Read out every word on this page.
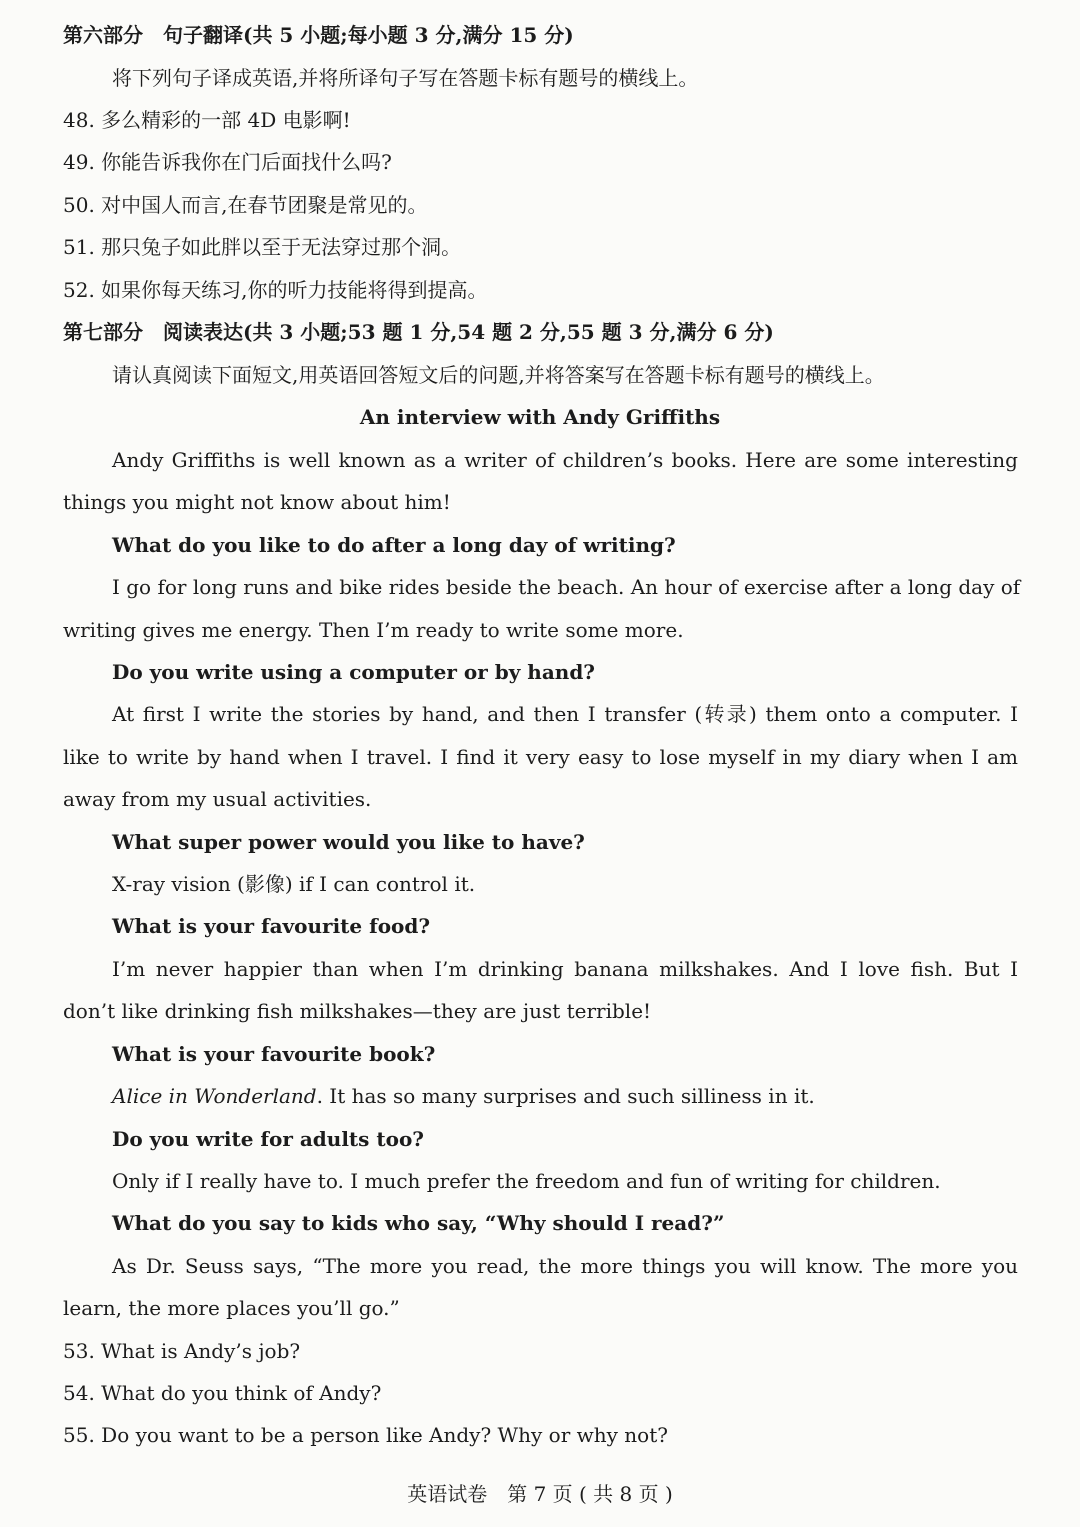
第六部分　句子翻译(共 5 小题;每小题 3 分,满分 15 分)
将下列句子译成英语,并将所译句子写在答题卡标有题号的横线上。
48. 多么精彩的一部 4D 电影啊!
49. 你能告诉我你在门后面找什么吗?
50. 对中国人而言,在春节团聚是常见的。
51. 那只兔子如此胖以至于无法穿过那个洞。
52. 如果你每天练习,你的听力技能将得到提高。
第七部分　阅读表达(共 3 小题;53 题 1 分,54 题 2 分,55 题 3 分,满分 6 分)
请认真阅读下面短文,用英语回答短文后的问题,并将答案写在答题卡标有题号的横线上。
An interview with Andy Griffiths
Andy Griffiths is well known as a writer of children’s books. Here are some interesting
things you might not know about him!
What do you like to do after a long day of writing?
I go for long runs and bike rides beside the beach. An hour of exercise after a long day of
writing gives me energy. Then I’m ready to write some more.
Do you write using a computer or by hand?
At first I write the stories by hand, and then I transfer (转录) them onto a computer. I
like to write by hand when I travel. I find it very easy to lose myself in my diary when I am
away from my usual activities.
What super power would you like to have?
X-ray vision (影像) if I can control it.
What is your favourite food?
I’m never happier than when I’m drinking banana milkshakes. And I love fish. But I
don’t like drinking fish milkshakes—they are just terrible!
What is your favourite book?
Alice in Wonderland. It has so many surprises and such silliness in it.
Do you write for adults too?
Only if I really have to. I much prefer the freedom and fun of writing for children.
What do you say to kids who say, “Why should I read?”
As Dr. Seuss says, “The more you read, the more things you will know. The more you
learn, the more places you’ll go.”
53. What is Andy’s job?
54. What do you think of Andy?
55. Do you want to be a person like Andy? Why or why not?
英语试卷　第 7 页 ( 共 8 页 )
